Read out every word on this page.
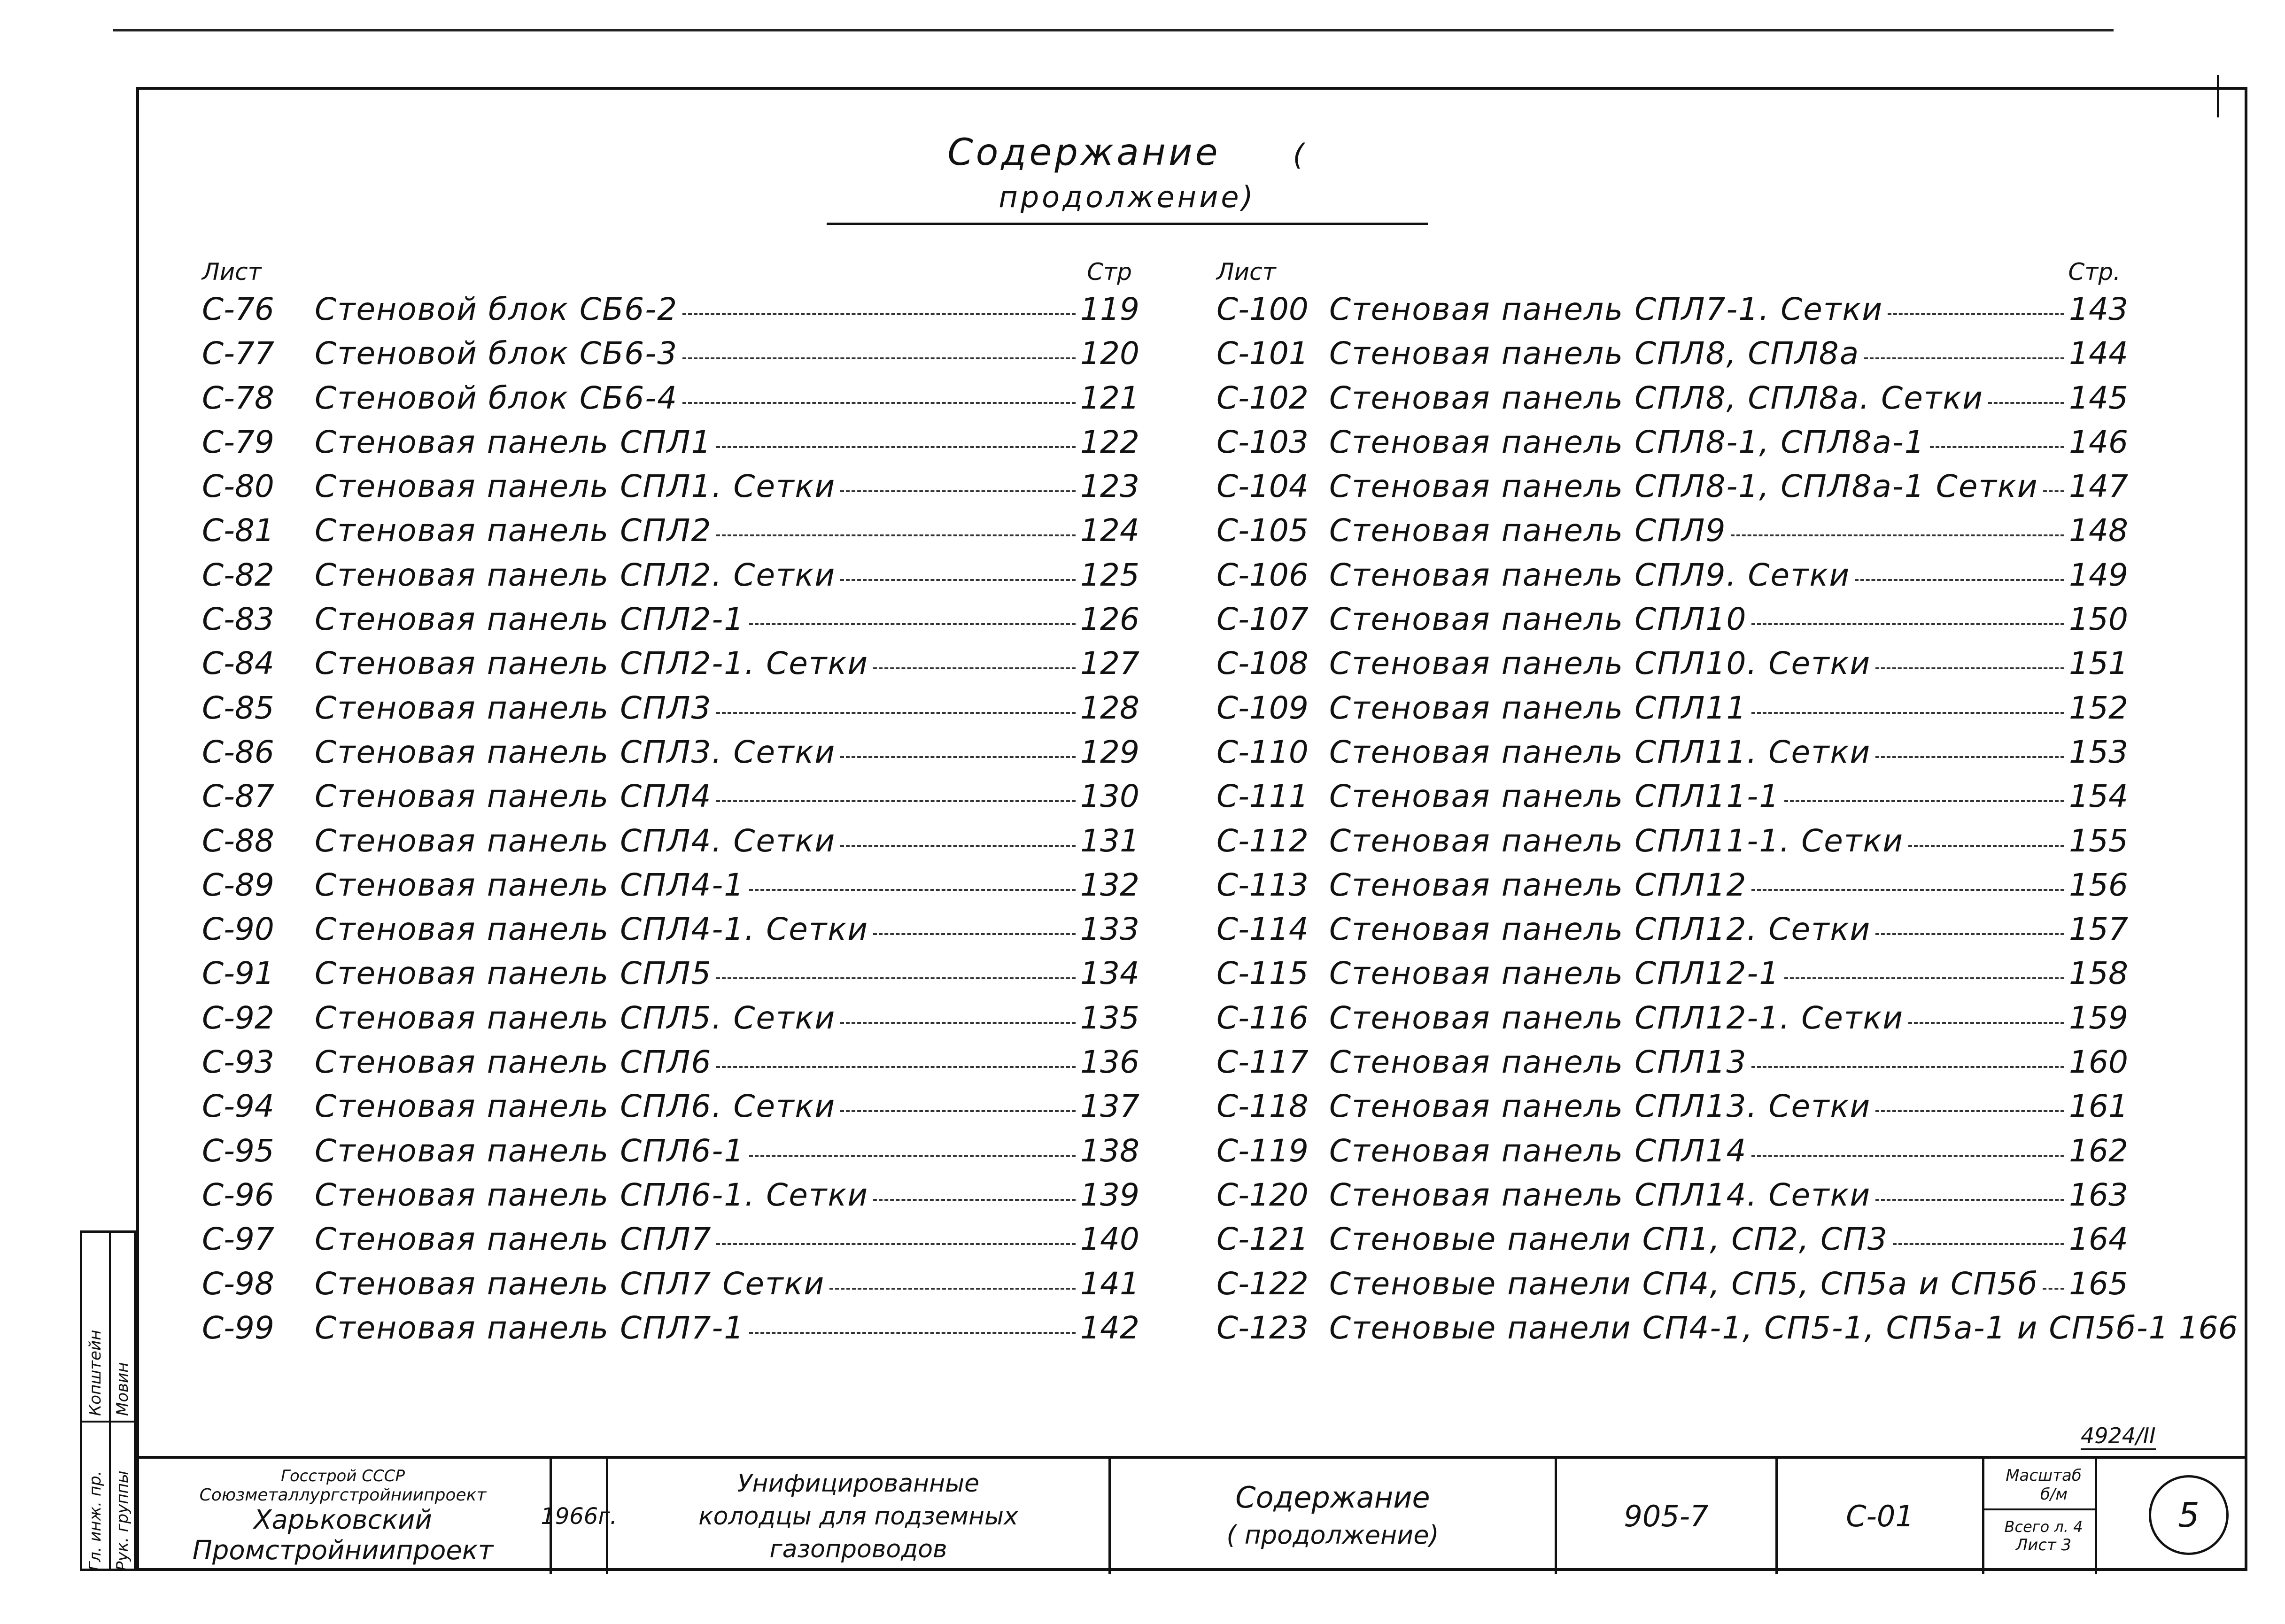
Содержание ( продолжение)
Лист	Стр
С-76	Стеновой блок СБ6-2	119
С-77	Стеновой блок СБ6-3	120
С-78	Стеновой блок СБ6-4	121
С-79	Стеновая панель СПЛ1	122
С-80	Стеновая панель СПЛ1. Сетки	123
С-81	Стеновая панель СПЛ2	124
С-82	Стеновая панель СПЛ2. Сетки	125
С-83	Стеновая панель СПЛ2-1	126
С-84	Стеновая панель СПЛ2-1. Сетки	127
С-85	Стеновая панель СПЛ3	128
С-86	Стеновая панель СПЛ3. Сетки	129
С-87	Стеновая панель СПЛ4	130
С-88	Стеновая панель СПЛ4. Сетки	131
С-89	Стеновая панель СПЛ4-1	132
С-90	Стеновая панель СПЛ4-1. Сетки	133
С-91	Стеновая панель СПЛ5	134
С-92	Стеновая панель СПЛ5. Сетки	135
С-93	Стеновая панель СПЛ6	136
С-94	Стеновая панель СПЛ6. Сетки	137
С-95	Стеновая панель СПЛ6-1	138
С-96	Стеновая панель СПЛ6-1. Сетки	139
С-97	Стеновая панель СПЛ7	140
С-98	Стеновая панель СПЛ7 Сетки	141
С-99	Стеновая панель СПЛ7-1	142
Лист	Стр.
С-100 Стеновая панель СПЛ7-1. Сетки	143
С-101 Стеновая панель СПЛ8, СПЛ8а	144
С-102 Стеновая панель СПЛ8, СПЛ8а. Сетки	145
С-103 Стеновая панель СПЛ8-1, СПЛ8а-1	146
С-104 Стеновая панель СПЛ8-1, СПЛ8а-1 Сетки 147
С-105 Стеновая панель СПЛ9	148
С-106 Стеновая панель СПЛ9. Сетки	149
С-107 Стеновая панель СПЛ10	150
С-108 Стеновая панель СПЛ10. Сетки	151
С-109 Стеновая панель СПЛ11	152
С-110 Стеновая панель СПЛ11. Сетки	153
С-111 Стеновая панель СПЛ11-1	154
С-112 Стеновая панель СПЛ11-1. Сетки	155
С-113 Стеновая панель СПЛ12	156
С-114 Стеновая панель СПЛ12. Сетки	157
С-115 Стеновая панель СПЛ12-1	158
С-116 Стеновая панель СПЛ12-1. Сетки	159
С-117 Стеновая панель СПЛ13	160
С-118 Стеновая панель СПЛ13. Сетки	161
С-119 Стеновая панель СПЛ14	162
С-120 Стеновая панель СПЛ14. Сетки	163
С-121 Стеновые панели СП1, СП2, СП3	164
С-122 Стеновые панели СП4, СП5, СП5а и СП5б 165
С-123 Стеновые панели СП4-1, СП5-1, СП5а-1 и СП5б-1 166
Гл. инж. пр. Рук. группы
Копштейн Мовин
4924/II
Госстрой СССР
Союзметаллургстройниипроект
Харьковский
Промстройниипроект
1966г.
Унифицированные
колодцы для подземных
газопроводов
Содержание
( продолжение)
905-7	С-01
Масштаб
б/м
Всего л. 4
Лист 3
5
